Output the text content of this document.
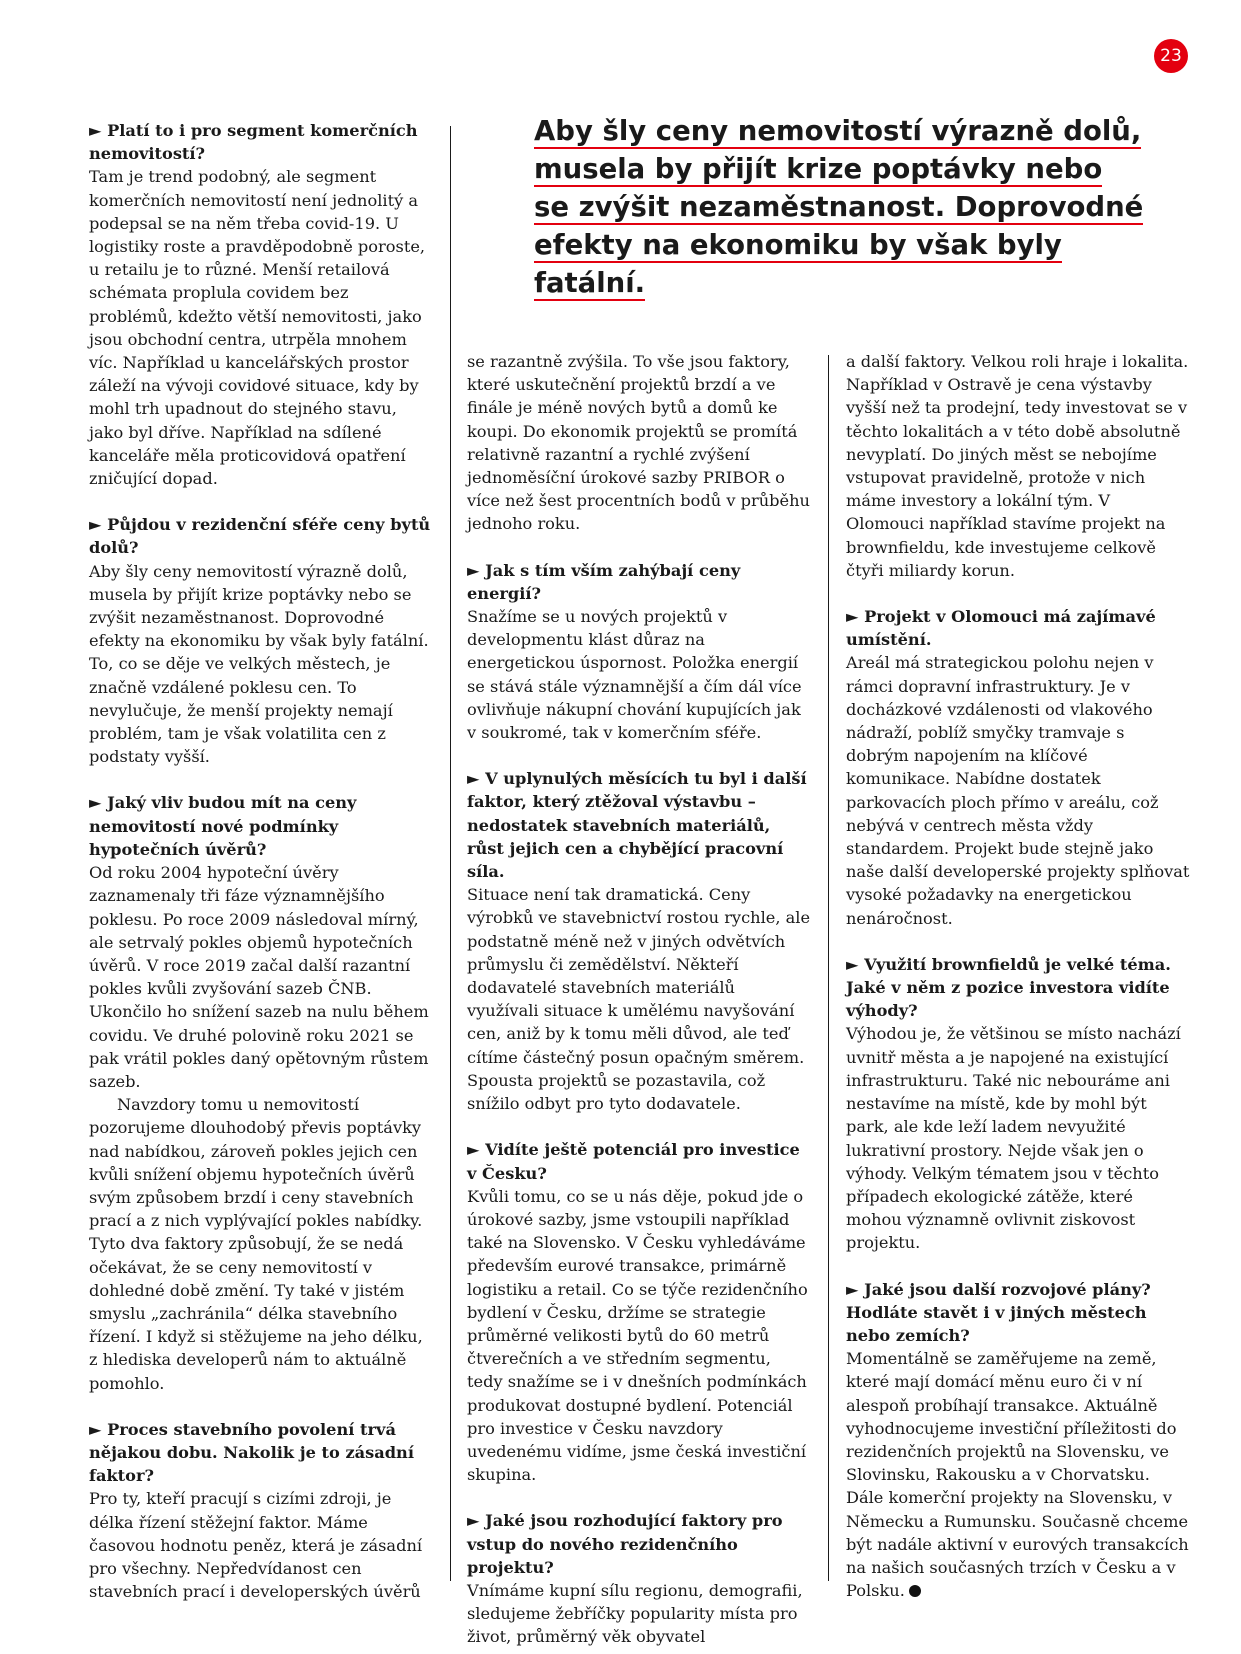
23
Aby šly ceny nemovitostí výrazně dolů,
musela by přijít krize poptávky nebo
se zvýšit nezaměstnanost. Doprovodné
efekty na ekonomiku by však byly fatální.

► Platí to i pro segment komerčních nemovitostí?

Tam je trend podobný, ale segment komerčních nemovitostí není jednolitý a podepsal se na něm třeba covid-19. U logistiky roste a pravděpodobně poroste, u retailu je to různé. Menší retailová schémata proplula covidem bez problémů, kdežto větší nemovitosti, jako jsou obchodní centra, utrpěla mnohem víc. Například u kancelářských prostor záleží na vývoji covidové situace, kdy by mohl trh upadnout do stejného stavu, jako byl dříve. Například na sdílené kanceláře měla proticovidová opatření zničující dopad.

► Půjdou v rezidenční sféře ceny bytů dolů?

Aby šly ceny nemovitostí výrazně dolů, musela by přijít krize poptávky nebo se zvýšit nezaměstnanost. Doprovodné efekty na ekonomiku by však byly fatální. To, co se děje ve velkých městech, je značně vzdálené poklesu cen. To nevylučuje, že menší projekty nemají problém, tam je však volatilita cen z podstaty vyšší.

► Jaký vliv budou mít na ceny nemovitostí nové podmínky hypotečních úvěrů?

Od roku 2004 hypoteční úvěry zaznamenaly tři fáze významnějšího poklesu. Po roce 2009 následoval mírný, ale setrvalý pokles objemů hypotečních úvěrů. V roce 2019 začal další razantní pokles kvůli zvyšování sazeb ČNB. Ukončilo ho snížení sazeb na nulu během covidu. Ve druhé polovině roku 2021 se pak vrátil pokles daný opětovným růstem sazeb.

Navzdory tomu u nemovitostí pozorujeme dlouhodobý převis poptávky nad nabídkou, zároveň pokles jejich cen kvůli snížení objemu hypotečních úvěrů svým způsobem brzdí i ceny stavebních prací a z nich vyplývající pokles nabídky. Tyto dva faktory způsobují, že se nedá očekávat, že se ceny nemovitostí v dohledné době změní. Ty také v jistém smyslu „zachránila“ délka stavebního řízení. I když si stěžujeme na jeho délku, z hlediska developerů nám to aktuálně pomohlo.

► Proces stavebního povolení trvá nějakou dobu. Nakolik je to zásadní faktor?

Pro ty, kteří pracují s cizími zdroji, je délka řízení stěžejní faktor. Máme časovou hodnotu peněz, která je zásadní pro všechny. Nepředvídanost cen stavebních prací i developerských úvěrů

se razantně zvýšila. To vše jsou faktory, které uskutečnění projektů brzdí a ve finále je méně nových bytů a domů ke koupi. Do ekonomik projektů se promítá relativně razantní a rychlé zvýšení jednoměsíční úrokové sazby PRIBOR o více než šest procentních bodů v průběhu jednoho roku.

► Jak s tím vším zahýbají ceny energií?

Snažíme se u nových projektů v developmentu klást důraz na energetickou úspornost. Položka energií se stává stále významnější a čím dál více ovlivňuje nákupní chování kupujících jak v soukromé, tak v komerčním sféře.

► V uplynulých měsících tu byl i další faktor, který ztěžoval výstavbu – nedostatek stavebních materiálů, růst jejich cen a chybějící pracovní síla.

Situace není tak dramatická. Ceny výrobků ve stavebnictví rostou rychle, ale podstatně méně než v jiných odvětvích průmyslu či zemědělství. Někteří dodavatelé stavebních materiálů využívali situace k umělému navyšování cen, aniž by k tomu měli důvod, ale teď cítíme částečný posun opačným směrem. Spousta projektů se pozastavila, což snížilo odbyt pro tyto dodavatele.

► Vidíte ještě potenciál pro investice v Česku?

Kvůli tomu, co se u nás děje, pokud jde o úrokové sazby, jsme vstoupili například také na Slovensko. V Česku vyhledáváme především eurové transakce, primárně logistiku a retail. Co se týče rezidenčního bydlení v Česku, držíme se strategie průměrné velikosti bytů do 60 metrů čtverečních a ve středním segmentu, tedy snažíme se i v dnešních podmínkách produkovat dostupné bydlení. Potenciál pro investice v Česku navzdory uvedenému vidíme, jsme česká investiční skupina.

► Jaké jsou rozhodující faktory pro vstup do nového rezidenčního projektu?

Vnímáme kupní sílu regionu, demografii, sledujeme žebříčky popularity místa pro život, průměrný věk obyvatel

a další faktory. Velkou roli hraje i lokalita. Například v Ostravě je cena výstavby vyšší než ta prodejní, tedy investovat se v těchto lokalitách a v této době absolutně nevyplatí. Do jiných měst se nebojíme vstupovat pravidelně, protože v nich máme investory a lokální tým. V Olomouci například stavíme projekt na brownfieldu, kde investujeme celkově čtyři miliardy korun.

► Projekt v Olomouci má zajímavé umístění.

Areál má strategickou polohu nejen v rámci dopravní infrastruktury. Je v docházkové vzdálenosti od vlakového nádraží, poblíž smyčky tramvaje s dobrým napojením na klíčové komunikace. Nabídne dostatek parkovacích ploch přímo v areálu, což nebývá v centrech města vždy standardem. Projekt bude stejně jako naše další developerské projekty splňovat vysoké požadavky na energetickou nenáročnost.

► Využití brownfieldů je velké téma. Jaké v něm z pozice investora vidíte výhody?

Výhodou je, že většinou se místo nachází uvnitř města a je napojené na existující infrastrukturu. Také nic nebouráme ani nestavíme na místě, kde by mohl být park, ale kde leží ladem nevyužité lukrativní prostory. Nejde však jen o výhody. Velkým tématem jsou v těchto případech ekologické zátěže, které mohou významně ovlivnit ziskovost projektu.

► Jaké jsou další rozvojové plány? Hodláte stavět i v jiných městech nebo zemích?

Momentálně se zaměřujeme na země, které mají domácí měnu euro či v ní alespoň probíhají transakce. Aktuálně vyhodnocujeme investiční příležitosti do rezidenčních projektů na Slovensku, ve Slovinsku, Rakousku a v Chorvatsku. Dále komerční projekty na Slovensku, v Německu a Rumunsku. Současně chceme být nadále aktivní v eurových transakcích na našich současných trzích v Česku a v Polsku.
